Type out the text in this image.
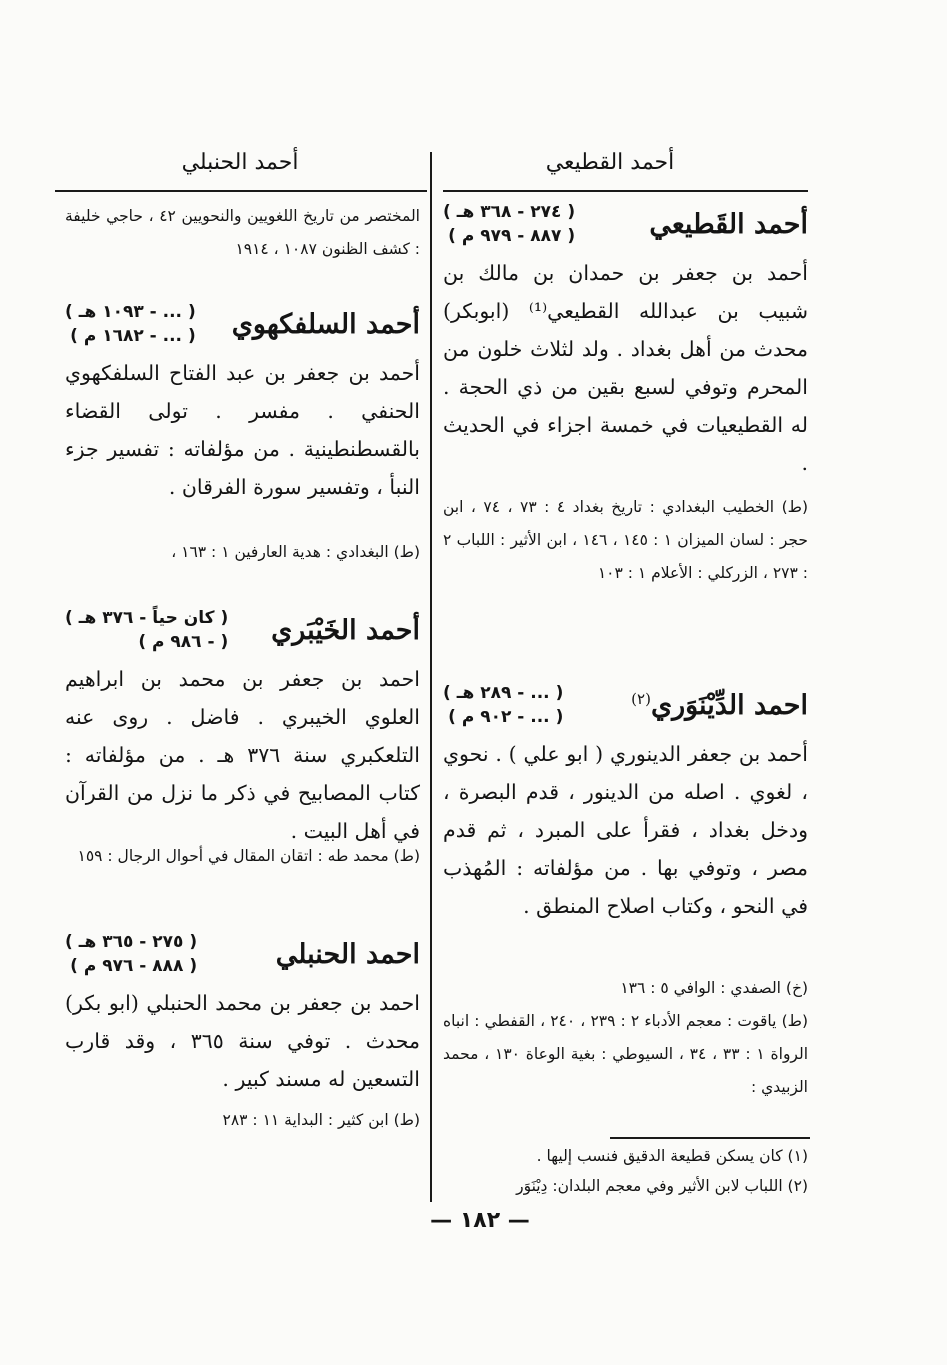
أحمد القطيعي
أحمد الحنبلي
أحمد القَطيعي
( ٢٧٤ - ٣٦٨ هـ )
( ٨٨٧ - ٩٧٩ م )
أحمد بن جعفر بن حمدان بن مالك بن شبيب بن عبدالله القطيعي⁽¹⁾ (ابوبكر) محدث من أهل بغداد . ولد لثلاث خلون من المحرم وتوفي لسبع بقين من ذي الحجة . له القطيعيات في خمسة اجزاء في الحديث .
(ط) الخطيب البغدادي : تاريخ بغداد ٤ : ٧٣ ، ٧٤ ، ابن حجر : لسان الميزان ١ : ١٤٥ ، ١٤٦ ، ابن الأثير : اللباب ٢ : ٢٧٣ ، الزركلي : الأعلام ١ : ١٠٣
احمد الدِّيْنَوَري$^{(٢)}$
( ... - ٢٨٩ هـ )
( ... - ٩٠٢ م )
أحمد بن جعفر الدينوري ( ابو علي ) . نحوي ، لغوي . اصله من الدينور ، قدم البصرة ، ودخل بغداد ، فقرأ على المبرد ، ثم قدم مصر ، وتوفي بها . من مؤلفاته : المُهذب في النحو ، وكتاب اصلاح المنطق .
(خ) الصفدي : الوافي ٥ : ١٣٦
(ط) ياقوت : معجم الأدباء ٢ : ٢٣٩ ، ٢٤٠ ، القفطي : انباه الرواة ١ : ٣٣ ، ٣٤ ، السيوطي : بغية الوعاة ١٣٠ ، محمد الزبيدي :
المختصر من تاريخ اللغويين والنحويين ٤٢ ، حاجي خليفة : كشف الظنون ١٠٨٧ ، ١٩١٤
أحمد السلفكهوي
( ... - ١٠٩٣ هـ )
( ... - ١٦٨٢ م )
أحمد بن جعفر بن عبد الفتاح السلفكهوي الحنفي . مفسر . تولى القضاء بالقسطنطينية . من مؤلفاته : تفسير جزء النبأ ، وتفسير سورة الفرقان .
(ط) البغدادي : هدية العارفين ١ : ١٦٣ ،
أحمد الخَيْبَري
( كان حياً - ٣٧٦ هـ )
( - ٩٨٦ م )
احمد بن جعفر بن محمد بن ابراهيم العلوي الخيبري . فاضل . روى عنه التلعكبري سنة ٣٧٦ هـ . من مؤلفاته : كتاب المصابيح في ذكر ما نزل من القرآن في أهل البيت .
(ط) محمد طه : اتقان المقال في أحوال الرجال : ١٥٩
احمد الحنبلي
( ٢٧٥ - ٣٦٥ هـ )
( ٨٨٨ - ٩٧٦ م )
احمد بن جعفر بن محمد الحنبلي (ابو بكر) محدث . توفي سنة ٣٦٥ ، وقد قارب التسعين له مسند كبير .
(ط) ابن كثير : البداية ١١ : ٢٨٣
(١) كان يسكن قطيعة الدقيق فنسب إليها .
(٢) اللباب لابن الأثير وفي معجم البلدان: دِيْنَوَر
— ١٨٢ —
